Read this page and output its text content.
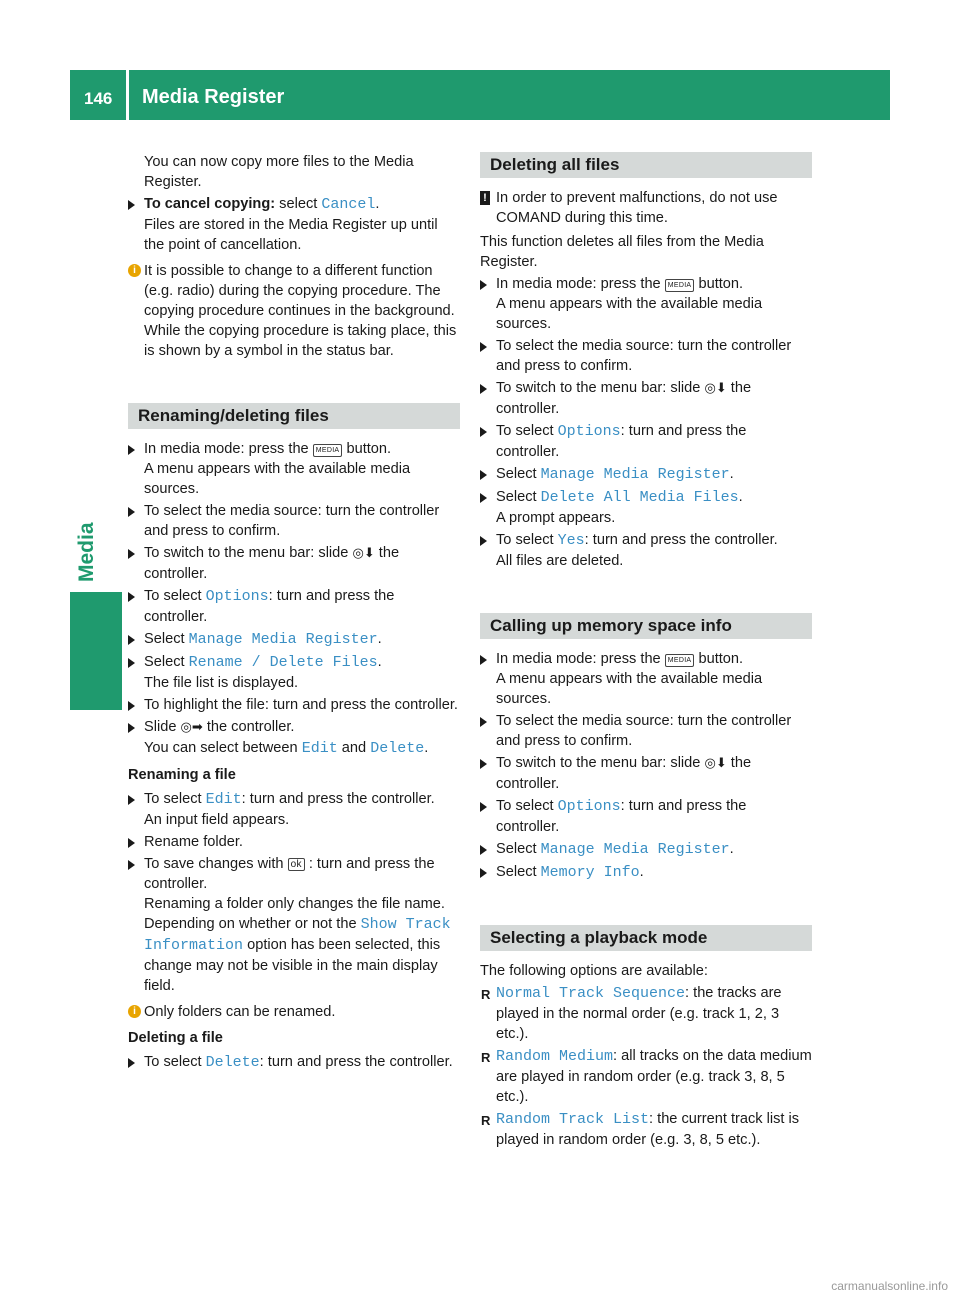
146 Media Register
Media

You can now copy more files to the Media Register.

To cancel copying: select Cancel.
Files are stored in the Media Register up until the point of cancellation.
i It is possible to change to a different function (e.g. radio) during the copying procedure. The copying procedure continues in the background. While the copying procedure is taking place, this is shown by a symbol in the status bar.
Renaming/deleting files
In media mode: press the MEDIA button.
A menu appears with the available media sources.
To select the media source: turn the controller and press to confirm.
To switch to the menu bar: slide ◎⬇ the controller.
To select Options: turn and press the controller.
Select Manage Media Register.
Select Rename / Delete Files.
The file list is displayed.
To highlight the file: turn and press the controller.
Slide ◎➡ the controller.
You can select between Edit and Delete.
Renaming a file
To select Edit: turn and press the controller.
An input field appears.
Rename folder.
To save changes with ok : turn and press the controller.
Renaming a folder only changes the file name. Depending on whether or not the Show Track Information option has been selected, this change may not be visible in the main display field.
i Only folders can be renamed.
Deleting a file
To select Delete: turn and press the controller.
Deleting all files
! In order to prevent malfunctions, do not use COMAND during this time.

This function deletes all files from the Media Register.

In media mode: press the MEDIA button.
A menu appears with the available media sources.
To select the media source: turn the controller and press to confirm.
To switch to the menu bar: slide ◎⬇ the controller.
To select Options: turn and press the controller.
Select Manage Media Register.
Select Delete All Media Files.
A prompt appears.
To select Yes: turn and press the controller.
All files are deleted.
Calling up memory space info
In media mode: press the MEDIA button.
A menu appears with the available media sources.
To select the media source: turn the controller and press to confirm.
To switch to the menu bar: slide ◎⬇ the controller.
To select Options: turn and press the controller.
Select Manage Media Register.
Select Memory Info.
Selecting a playback mode

The following options are available:

R Normal Track Sequence: the tracks are played in the normal order (e.g. track 1, 2, 3 etc.).
R Random Medium: all tracks on the data medium are played in random order (e.g. track 3, 8, 5 etc.).
R Random Track List: the current track list is played in random order (e.g. 3, 8, 5 etc.).
carmanualsonline.info
